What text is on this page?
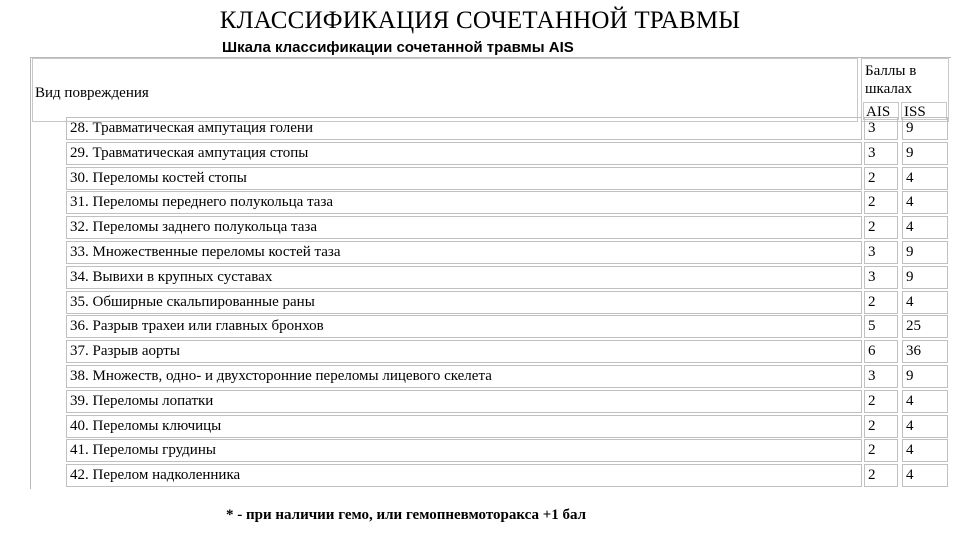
КЛАССИФИКАЦИЯ СОЧЕТАННОЙ ТРАВМЫ
Шкала классификации сочетанной травмы AIS
Вид повреждения
Баллы в шкалах
AIS ISS
28. Травматическая ампутация голени	3	9
29. Травматическая ампутация стопы	3	9
30. Переломы костей стопы	2	4
31. Переломы переднего полукольца таза	2	4
32. Переломы заднего полукольца таза	2	4
33. Множественные переломы костей таза	3	9
34. Вывихи в крупных суставах	3	9
35. Обширные скальпированные раны	2	4
36. Разрыв трахеи или главных бронхов	5	25
37. Разрыв аорты	6	36
38. Множеств, одно- и двухсторонние переломы лицевого скелета	3	9
39. Переломы лопатки	2	4
40. Переломы ключицы	2	4
41. Переломы грудины	2	4
42. Перелом надколенника	2	4
* - при наличии гемо, или гемопневмоторакса +1 бал
